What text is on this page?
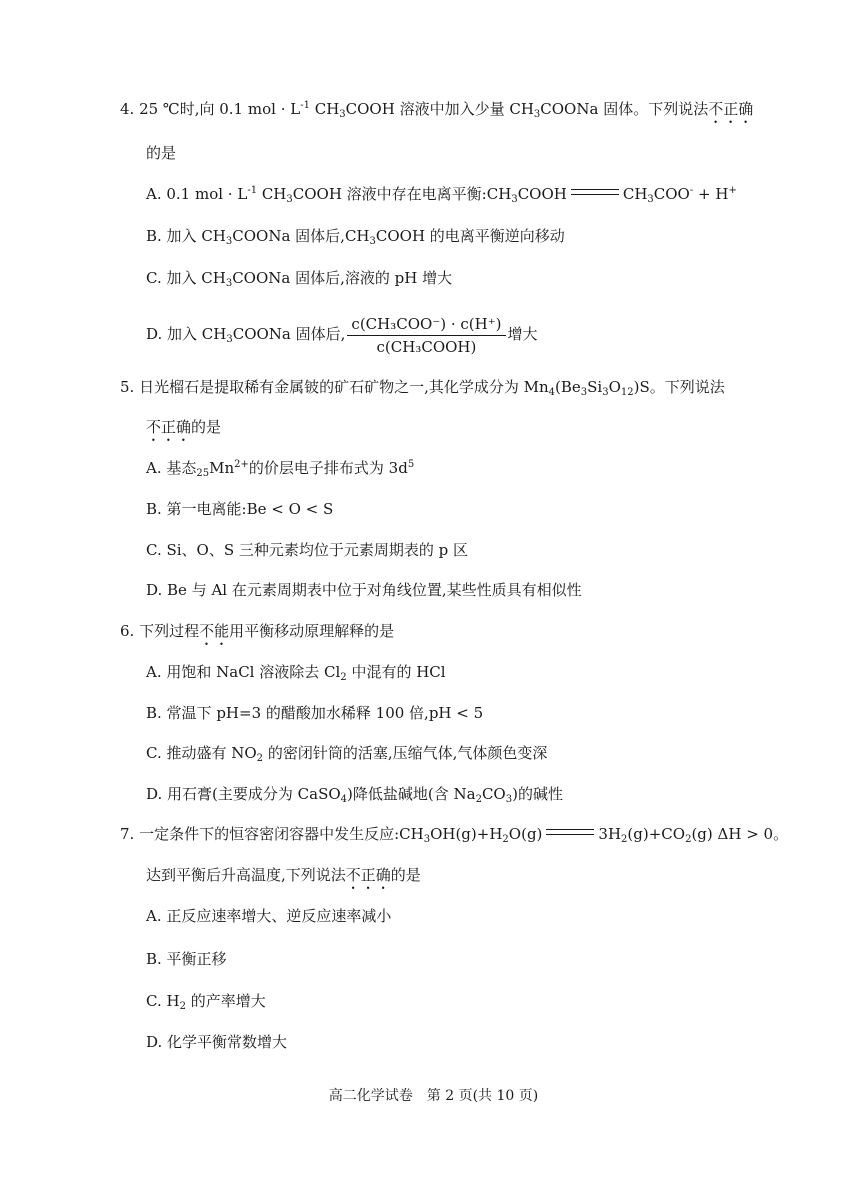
4. 25 ℃时,向 0.1 mol · $L^{-1}$ $CH_3COOH$ 溶液中加入少量 $CH_3COONa$ 固体。下列说法不正确
的是
A. 0.1 mol · $L^{-1}$ $CH_3COOH$ 溶液中存在电离平衡$:CH_3COOH$	$CH_3COO^- + H^+$
B. 加入 $CH_3COONa$ 固体后$,CH_3COOH$ 的电离平衡逆向移动
C. 加入 $CH_3COONa$ 固体后,溶液的 pH 增大
D. 加入 $CH_3COONa$ 固体后, $\frac{\text{c(CH₃COO⁻) · c(H⁺)}}{\text{c(CH₃COOH)}}$ 增大
5. 日光榴石是提取稀有金属铍的矿石矿物之一,其化学成分为 $Mn_4(Be_3Si_3O_{12})S$。下列说法
不正确的是
A. 基态$_{25}Mn^{2+}$的价层电子排布式为 $3d^5$
B. 第一电离能:Be < O < S
C. Si、O、S 三种元素均位于元素周期表的 p 区
D. Be 与 Al 在元素周期表中位于对角线位置,某些性质具有相似性
6. 下列过程不能用平衡移动原理解释的是
A. 用饱和 NaCl 溶液除去 $Cl_2$ 中混有的 HCl
B. 常温下 pH=3 的醋酸加水稀释 100 倍,pH < 5
C. 推动盛有 $NO_2$ 的密闭针筒的活塞,压缩气体,气体颜色变深
D. 用石膏(主要成分为 CaSO$_4$)降低盐碱地(含 $Na_2CO_3$)的碱性
7. 一定条件下的恒容密闭容器中发生反应$:CH_3OH(g)+H_2O(g)$	$3H_2(g)+CO_2(g) \Delta H > 0$。
达到平衡后升高温度,下列说法不正确的是
A. 正反应速率增大、逆反应速率减小
B. 平衡正移
C. $H_2$ 的产率增大
D. 化学平衡常数增大
高二化学试卷　第 2 页(共 10 页)
